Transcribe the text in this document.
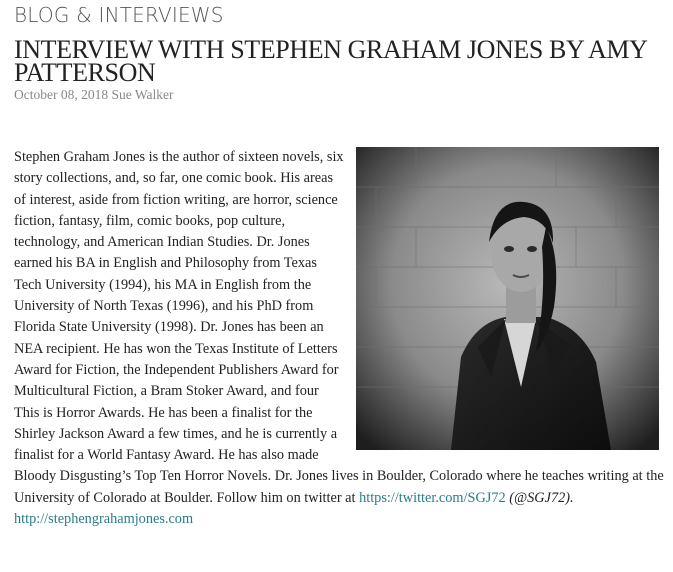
BLOG & INTERVIEWS
INTERVIEW WITH STEPHEN GRAHAM JONES BY AMY PATTERSON
October 08, 2018 Sue Walker

Stephen Graham Jones is the author of sixteen novels, six story collections, and, so far, one comic book. His areas of interest, aside from fiction writing, are horror, science fiction, fantasy, film, comic books, pop culture, technology, and American Indian Studies. Dr. Jones earned his BA in English and Philosophy from Texas Tech University (1994), his MA in English from the University of North Texas (1996), and his PhD from Florida State University (1998). Dr. Jones has been an NEA recipient. He has won the Texas Institute of Letters Award for Fiction, the Independent Publishers Award for Multicultural Fiction, a Bram Stoker Award, and four This is Horror Awards. He has been a finalist for the Shirley Jackson Award a few times, and he is currently a finalist for a World Fantasy Award. He has also made Bloody Disgusting’s Top Ten Horror Novels. Dr. Jones lives in Boulder, Colorado where he teaches writing at the University of Colorado at Boulder. Follow him on twitter at https://twitter.com/SGJ72 (@SGJ72).
http://stephengrahamjones.com
